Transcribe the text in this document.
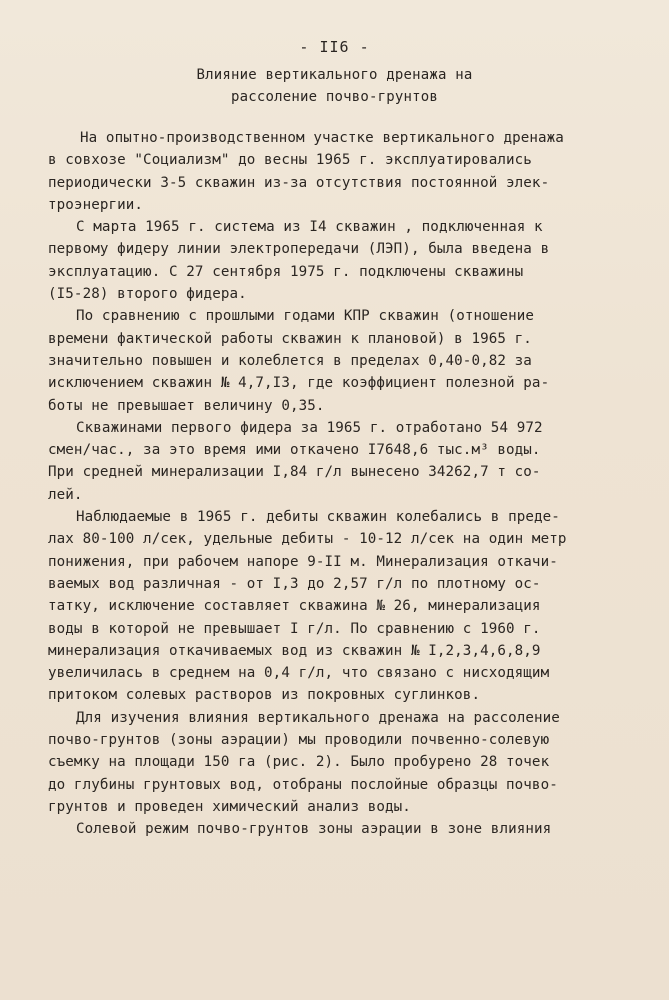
- II6 -
Влияние вертикального дренажа на
рассоление почво-грунтов
На опытно-производственном участке вертикального дренажа
в совхозе "Социализм" до весны 1965 г. эксплуатировались
периодически 3-5 скважин из-за отсутствия постоянной элек-
троэнергии.
С марта 1965 г. система из I4 скважин , подключенная к
первому фидеру линии электропередачи (ЛЭП), была введена в
эксплуатацию. С 27 сентября 1975 г. подключены скважины
(I5-28) второго фидера.
По сравнению с прошлыми годами КПР скважин (отношение
времени фактической работы скважин к плановой) в 1965 г.
значительно повышен и колеблется в пределах 0,40-0,82 за
исключением скважин № 4,7,I3, где коэффициент полезной ра-
боты не превышает величину 0,35.
Скважинами первого фидера за 1965 г. отработано 54 972
смен/час., за это время ими откачено I7648,6 тыс.м³ воды.
При средней минерализации I,84 г/л вынесено 34262,7 т со-
лей.
Наблюдаемые в 1965 г. дебиты скважин колебались в преде-
лах 80-100 л/сек, удельные дебиты - 10-12 л/сек на один метр
понижения, при рабочем напоре 9-II м. Минерализация откачи-
ваемых вод различная - от I,3 до 2,57 г/л по плотному ос-
татку, исключение составляет скважина № 26, минерализация
воды в которой не превышает I г/л. По сравнению с 1960 г.
минерализация откачиваемых вод из скважин № I,2,3,4,6,8,9
увеличилась в среднем на 0,4 г/л, что связано с нисходящим
притоком солевых растворов из покровных суглинков.
Для изучения влияния вертикального дренажа на рассоление
почво-грунтов (зоны аэрации) мы проводили почвенно-солевую
съемку на площади 150 га (рис. 2). Было пробурено 28 точек
до глубины грунтовых вод, отобраны послойные образцы почво-
грунтов и проведен химический анализ воды.
Солевой режим почво-грунтов зоны аэрации в зоне влияния
